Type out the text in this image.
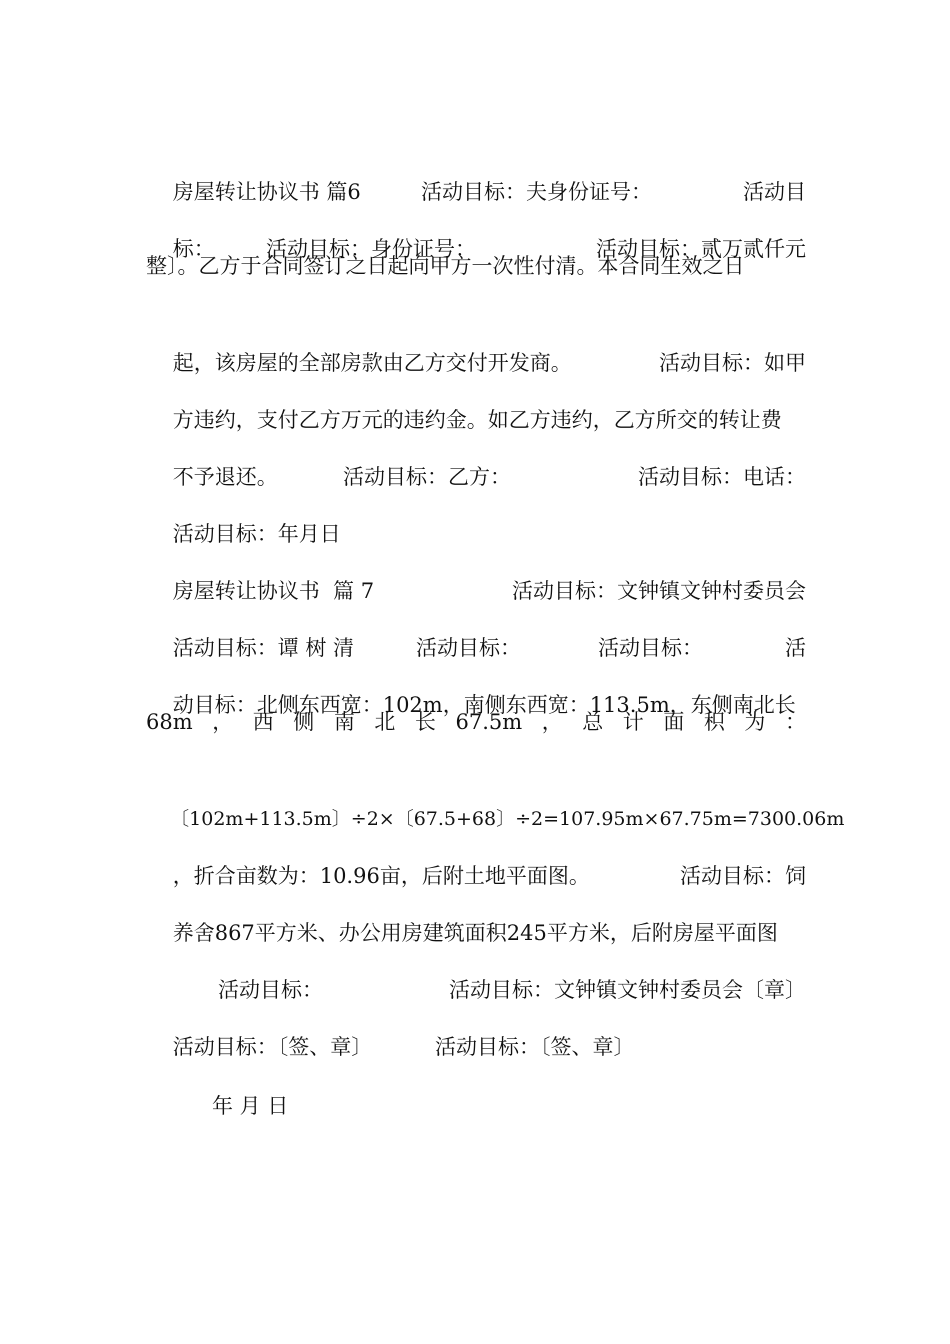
房屋转让协议书 篇6	活动目标：夫身份证号：	活动目

标： 活动目标：身份证号：	活动目标：贰万贰仟元

整〕。乙方于合同签订之日起向甲方一次性付清。本合同生效之日

起，该房屋的全部房款由乙方交付开发商。	活动目标：如甲

方违约，支付乙方万元的违约金。如乙方违约，乙方所交的转让费

不予退还。	活动目标：乙方：	活动目标：电话：

活动目标：年月日

房屋转让协议书  篇 7	活动目标：文钟镇文钟村委员会

活动目标：谭 树 清	活动目标：	活动目标：	活

动目标：北侧东西宽：102m，南侧东西宽：113.5m，东侧南北长

68m ， 西 侧 南 北 长 67.5m ， 总 计 面 积 为 ：

〔102m+113.5m〕÷2×〔67.5+68〕÷2=107.95m×67.75m=7300.06m

，折合亩数为：10.96亩，后附土地平面图。	活动目标：饲

养舍867平方米、办公用房建筑面积245平方米，后附房屋平面图

活动目标：	活动目标：文钟镇文钟村委员会〔章〕

活动目标：〔签、章〕	活动目标：〔签、章〕

年 月 日
